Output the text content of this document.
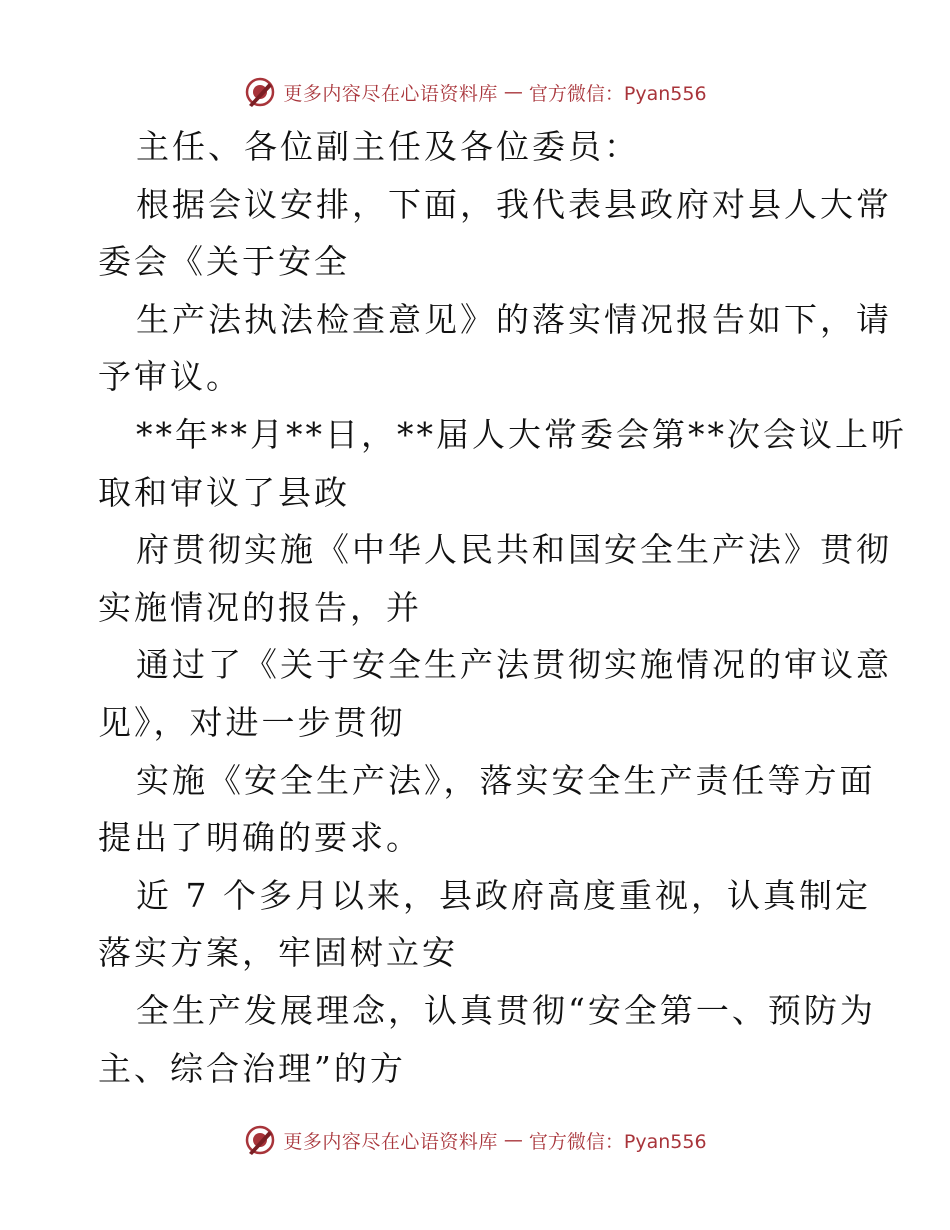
更多内容尽在心语资料库 — 官方微信：Pyan556
主任、各位副主任及各位委员：
根据会议安排，下面，我代表县政府对县人大常
委会《关于安全
生产法执法检查意见》的落实情况报告如下，请
予审议。
**年**月**日，**届人大常委会第**次会议上听
取和审议了县政
府贯彻实施《中华人民共和国安全生产法》贯彻
实施情况的报告，并
通过了《关于安全生产法贯彻实施情况的审议意
见》，对进一步贯彻
实施《安全生产法》，落实安全生产责任等方面
提出了明确的要求。
近 7 个多月以来，县政府高度重视，认真制定
落实方案，牢固树立安
全生产发展理念，认真贯彻“安全第一、预防为
主、综合治理”的方
更多内容尽在心语资料库 — 官方微信：Pyan556
